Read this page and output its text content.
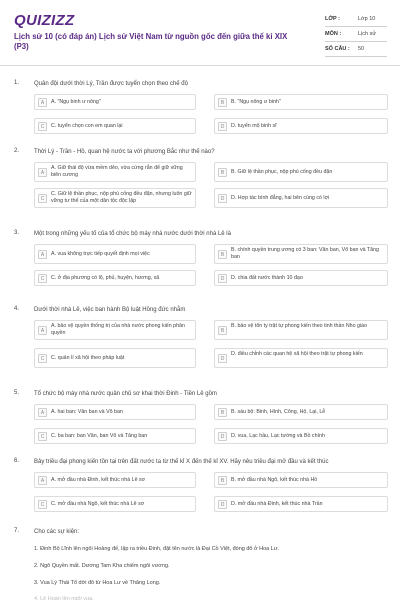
QUIZIZZ
Lịch sử 10 (có đáp án) Lịch sử Việt Nam từ nguồn gốc đến giữa thế kỉ XIX (P3)
LỚP :	Lớp 10
MÔN :	Lịch sử
SỐ CÂU : 50
1. Quân đội dưới thời Lý, Trần được tuyển chọn theo chế độ
A	A. "Ngụ binh ư nông"	B	B. "Ngụ nông ư binh"
C	C. tuyển chọn con em quan lại	D	D. tuyển mộ binh sĩ
2. Thời Lý - Trần - Hồ, quan hệ nước ta với phương Bắc như thế nào?
A
A. Giữ thái độ vừa mềm dẻo, vừa cứng rắn để giữ vững biên cương	B	B. Giữ lệ thần phục, nộp phú cống đều đặn
C
C. Giữ lệ thần phục, nộp phú cống đều đặn, nhưng luôn giữ vững tư thế của một dân tộc độc lập	D	D. Hợp tác bình đẳng, hai bên cùng có lợi
3. Một trong những yếu tố của tổ chức bộ máy nhà nước dưới thời nhà Lê là
A	A. vua không trực tiếp quyết định mọi việc	B
B. chính quyền trung ương có 3 ban: Văn ban, Võ ban và Tăng ban
C	C. ở địa phương có lộ, phủ, huyện, hương, xã	D	D. chia đất nước thành 10 đạo
4. Dưới thời nhà Lê, việc ban hành Bộ luật Hồng đức nhằm
A
A. bảo vệ quyền thống trị của nhà nước phong kiến phân quyền	B
B. bảo vệ tôn ty trật tự phong kiến theo tinh thần Nho giáo
C	C. quản lí xã hội theo pháp luật	D
D. điều chỉnh các quan hệ xã hội theo trật tự phong kiến
5. Tổ chức bộ máy nhà nước quân chủ sơ khai thời Đinh - Tiền Lê gồm
A	A. hai ban: Văn ban và Võ ban	B	B. sáu bộ: Binh, Hình, Công, Hộ, Lại, Lễ
C	C. ba ban: ban Văn, ban Võ và Tăng ban	D	D. vua, Lạc hầu, Lạc tướng và Bồ chính
6. Bảy triều đại phong kiến tồn tại trên đất nước ta từ thế kỉ X đến thế kỉ XV. Hãy nêu triều đại mở đầu và kết thúc
A	A. mở đầu nhà Đinh, kết thúc nhà Lê sơ	B	B. mở đầu nhà Ngô, kết thúc nhà Hồ
C	C. mở đầu nhà Ngô, kết thúc nhà Lê sơ	D	D. mở đầu nhà Đinh, kết thúc nhà Trần
7. Cho các sự kiện:
1. Đinh Bộ Lĩnh lên ngôi Hoàng đế, lập ra triều Đinh, đặt tên nước là Đại Cồ Việt, đóng đô ở Hoa Lư.
2. Ngô Quyền mất. Dương Tam Kha chiếm ngôi vương.
3. Vua Lý Thái Tổ dời đô từ Hoa Lư về Thăng Long.
4. Lê Hoàn lên ngôi vua.
